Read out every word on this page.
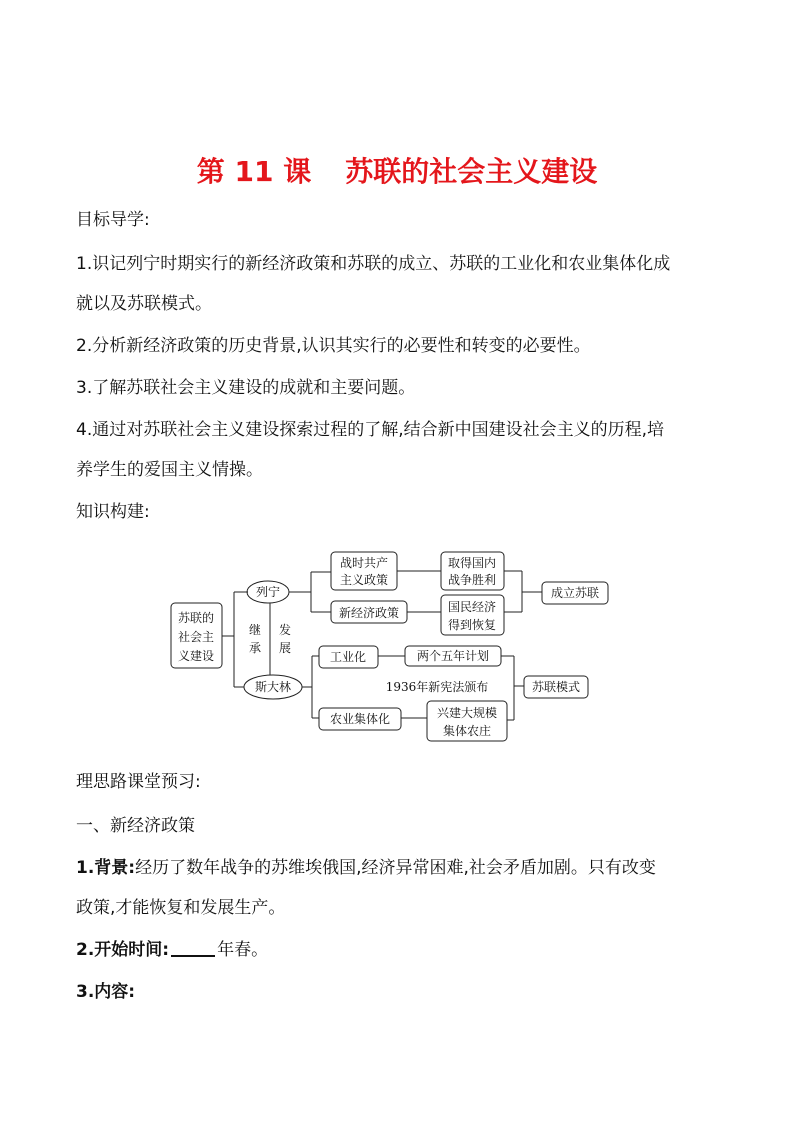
第 11 课 苏联的社会主义建设
目标导学:
1.识记列宁时期实行的新经济政策和苏联的成立、苏联的工业化和农业集体化成
就以及苏联模式。
2.分析新经济政策的历史背景,认识其实行的必要性和转变的必要性。
3.了解苏联社会主义建设的成就和主要问题。
4.通过对苏联社会主义建设探索过程的了解,结合新中国建设社会主义的历程,培
养学生的爱国主义情操。
知识构建:
苏联的
社会主
义建设
列宁
斯大林
继
承
发
展
战时共产
主义政策
新经济政策
取得国内
战争胜利
国民经济
得到恢复
成立苏联
工业化	两个五年计划
1936年新宪法颁布	苏联模式
农业集体化	兴建大规模
集体农庄
理思路课堂预习:
一、新经济政策
1.背景:经历了数年战争的苏维埃俄国,经济异常困难,社会矛盾加剧。只有改变
政策,才能恢复和发展生产。
2.开始时间:	年春。
3.内容:
